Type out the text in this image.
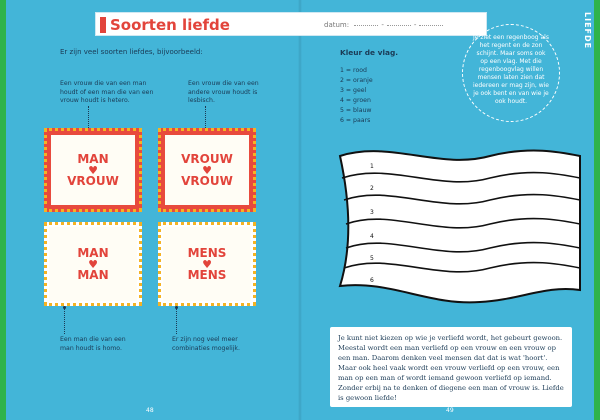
Soorten liefde	datum:	-	-	LIEFDE
Er zijn veel soorten liefdes, bijvoorbeeld:
Een vrouw die van een man houdt of een man die van een vrouw houdt is hetero.
Een vrouw die van een andere vrouw houdt is lesbisch.
MAN
♥
VROUW
VROUW
♥
VROUW
MAN
♥
MAN
MENS
♥
MENS
Een man die van een man houdt is homo.
Er zijn nog veel meer combinaties mogelijk.
48
Kleur de vlag.
1 = rood
2 = oranje
3 = geel
4 = groen
5 = blauw
6 = paars
Je ziet een regenboog als het regent en de zon schijnt. Maar soms ook op een vlag. Met die regenboogvlag willen mensen laten zien dat iedereen er mag zijn, wie je ook bent en van wie je ook houdt.
1
2
3
4
5
6
Je kunt niet kiezen op wie je verliefd wordt, het gebeurt gewoon. Meestal wordt een man verliefd op een vrouw en een vrouw op een man. Daarom denken veel mensen dat dat is wat 'hoort'. Maar ook heel vaak wordt een vrouw verliefd op een vrouw, een man op een man of wordt iemand gewoon verliefd op iemand. Zonder erbij na te denken of diegene een man of vrouw is. Liefde is gewoon liefde!
49
